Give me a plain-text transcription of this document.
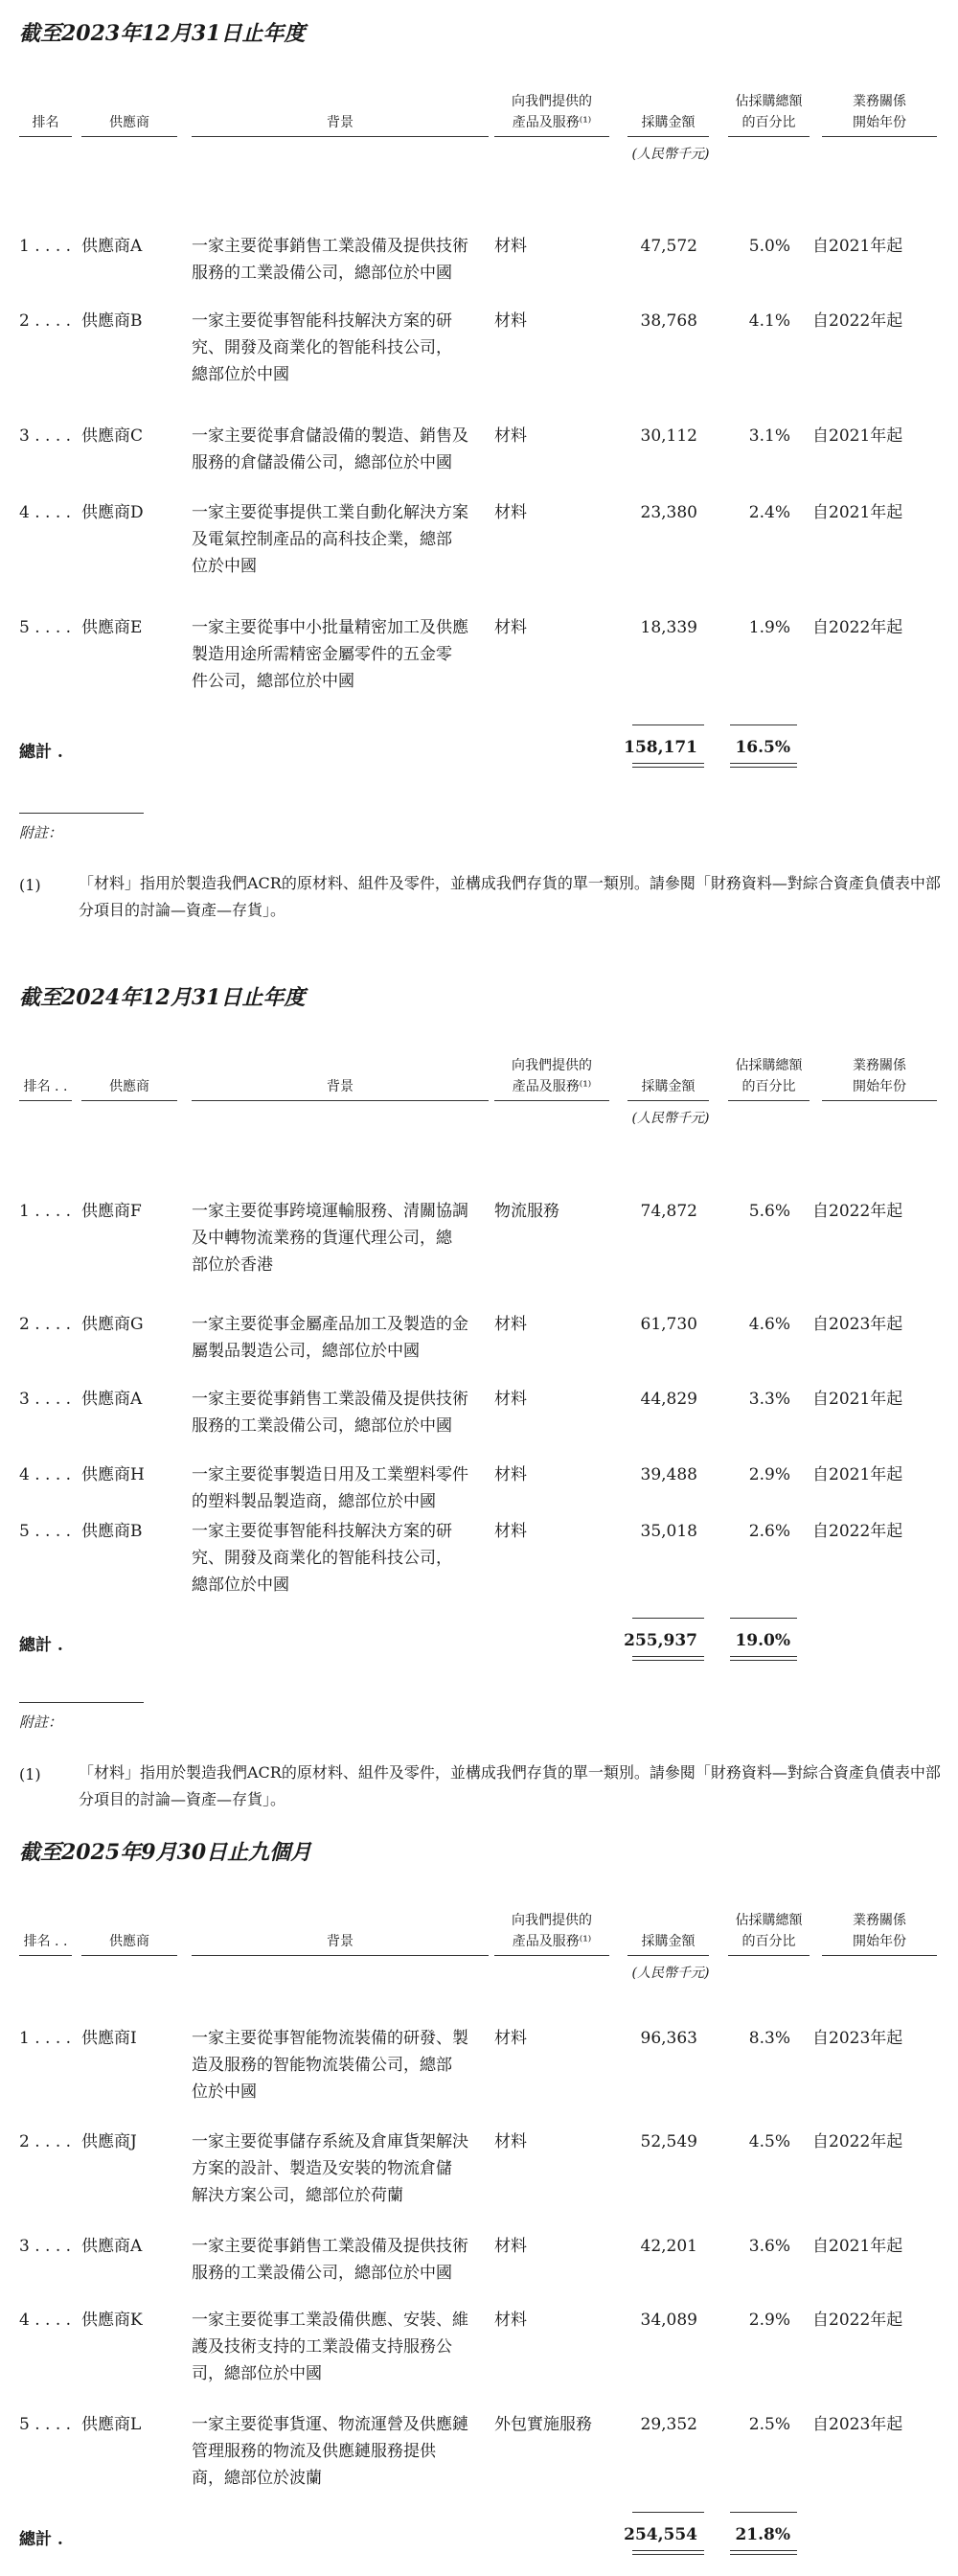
截至2023年12月31日止年度
排名	供應商	背景
向我們提供的
產品及服務⁽¹⁾	採購金額
佔採購總額
的百分比
業務關係
開始年份
(人民幣千元)
1 . . . . 供應商A	一家主要從事銷售工業設備及提供技術
服務的工業設備公司，總部位於中國
材料	47,572	5.0% 自2021年起
2 . . . . 供應商B	一家主要從事智能科技解決方案的研
究、開發及商業化的智能科技公司，
總部位於中國
材料	38,768	4.1% 自2022年起
3 . . . . 供應商C	一家主要從事倉儲設備的製造、銷售及
服務的倉儲設備公司，總部位於中國
材料	30,112	3.1% 自2021年起
4 . . . . 供應商D	一家主要從事提供工業自動化解決方案
及電氣控制產品的高科技企業，總部
位於中國
材料	23,380	2.4% 自2021年起
5 . . . . 供應商E	一家主要從事中小批量精密加工及供應
製造用途所需精密金屬零件的五金零
件公司，總部位於中國
材料	18,339	1.9% 自2022年起
總計 .	158,171	16.5%
附註：
(1) 「材料」指用於製造我們ACR的原材料、組件及零件，並構成我們存貨的單一類別。請參閱「財務資料—對綜合資產負債表中部分項目的討論—資產—存貨」。
截至2024年12月31日止年度
排名 . .	供應商	背景
向我們提供的
產品及服務⁽¹⁾	採購金額
佔採購總額
的百分比
業務關係
開始年份
(人民幣千元)
1 . . . . 供應商F	一家主要從事跨境運輸服務、清關協調
及中轉物流業務的貨運代理公司，總
部位於香港
物流服務	74,872	5.6% 自2022年起
2 . . . . 供應商G	一家主要從事金屬產品加工及製造的金
屬製品製造公司，總部位於中國
材料	61,730	4.6% 自2023年起
3 . . . . 供應商A	一家主要從事銷售工業設備及提供技術
服務的工業設備公司，總部位於中國
材料	44,829	3.3% 自2021年起
4 . . . . 供應商H	一家主要從事製造日用及工業塑料零件
的塑料製品製造商，總部位於中國
材料	39,488	2.9% 自2021年起
5 . . . . 供應商B	一家主要從事智能科技解決方案的研
究、開發及商業化的智能科技公司，
總部位於中國
材料	35,018	2.6% 自2022年起
總計 .	255,937	19.0%
附註：
(1) 「材料」指用於製造我們ACR的原材料、組件及零件，並構成我們存貨的單一類別。請參閱「財務資料—對綜合資產負債表中部分項目的討論—資產—存貨」。
截至2025年9月30日止九個月
排名 . .	供應商	背景
向我們提供的
產品及服務⁽¹⁾	採購金額
佔採購總額
的百分比
業務關係
開始年份
(人民幣千元)
1 . . . . 供應商I	一家主要從事智能物流裝備的研發、製
造及服務的智能物流裝備公司，總部
位於中國
材料	96,363	8.3% 自2023年起
2 . . . . 供應商J	一家主要從事儲存系統及倉庫貨架解決
方案的設計、製造及安裝的物流倉儲
解決方案公司，總部位於荷蘭
材料	52,549	4.5% 自2022年起
3 . . . . 供應商A	一家主要從事銷售工業設備及提供技術
服務的工業設備公司，總部位於中國
材料	42,201	3.6% 自2021年起
4 . . . . 供應商K	一家主要從事工業設備供應、安裝、維
護及技術支持的工業設備支持服務公
司，總部位於中國
材料	34,089	2.9% 自2022年起
5 . . . . 供應商L	一家主要從事貨運、物流運營及供應鏈
管理服務的物流及供應鏈服務提供
商，總部位於波蘭
外包實施服務	29,352	2.5% 自2023年起
總計 .	254,554	21.8%
